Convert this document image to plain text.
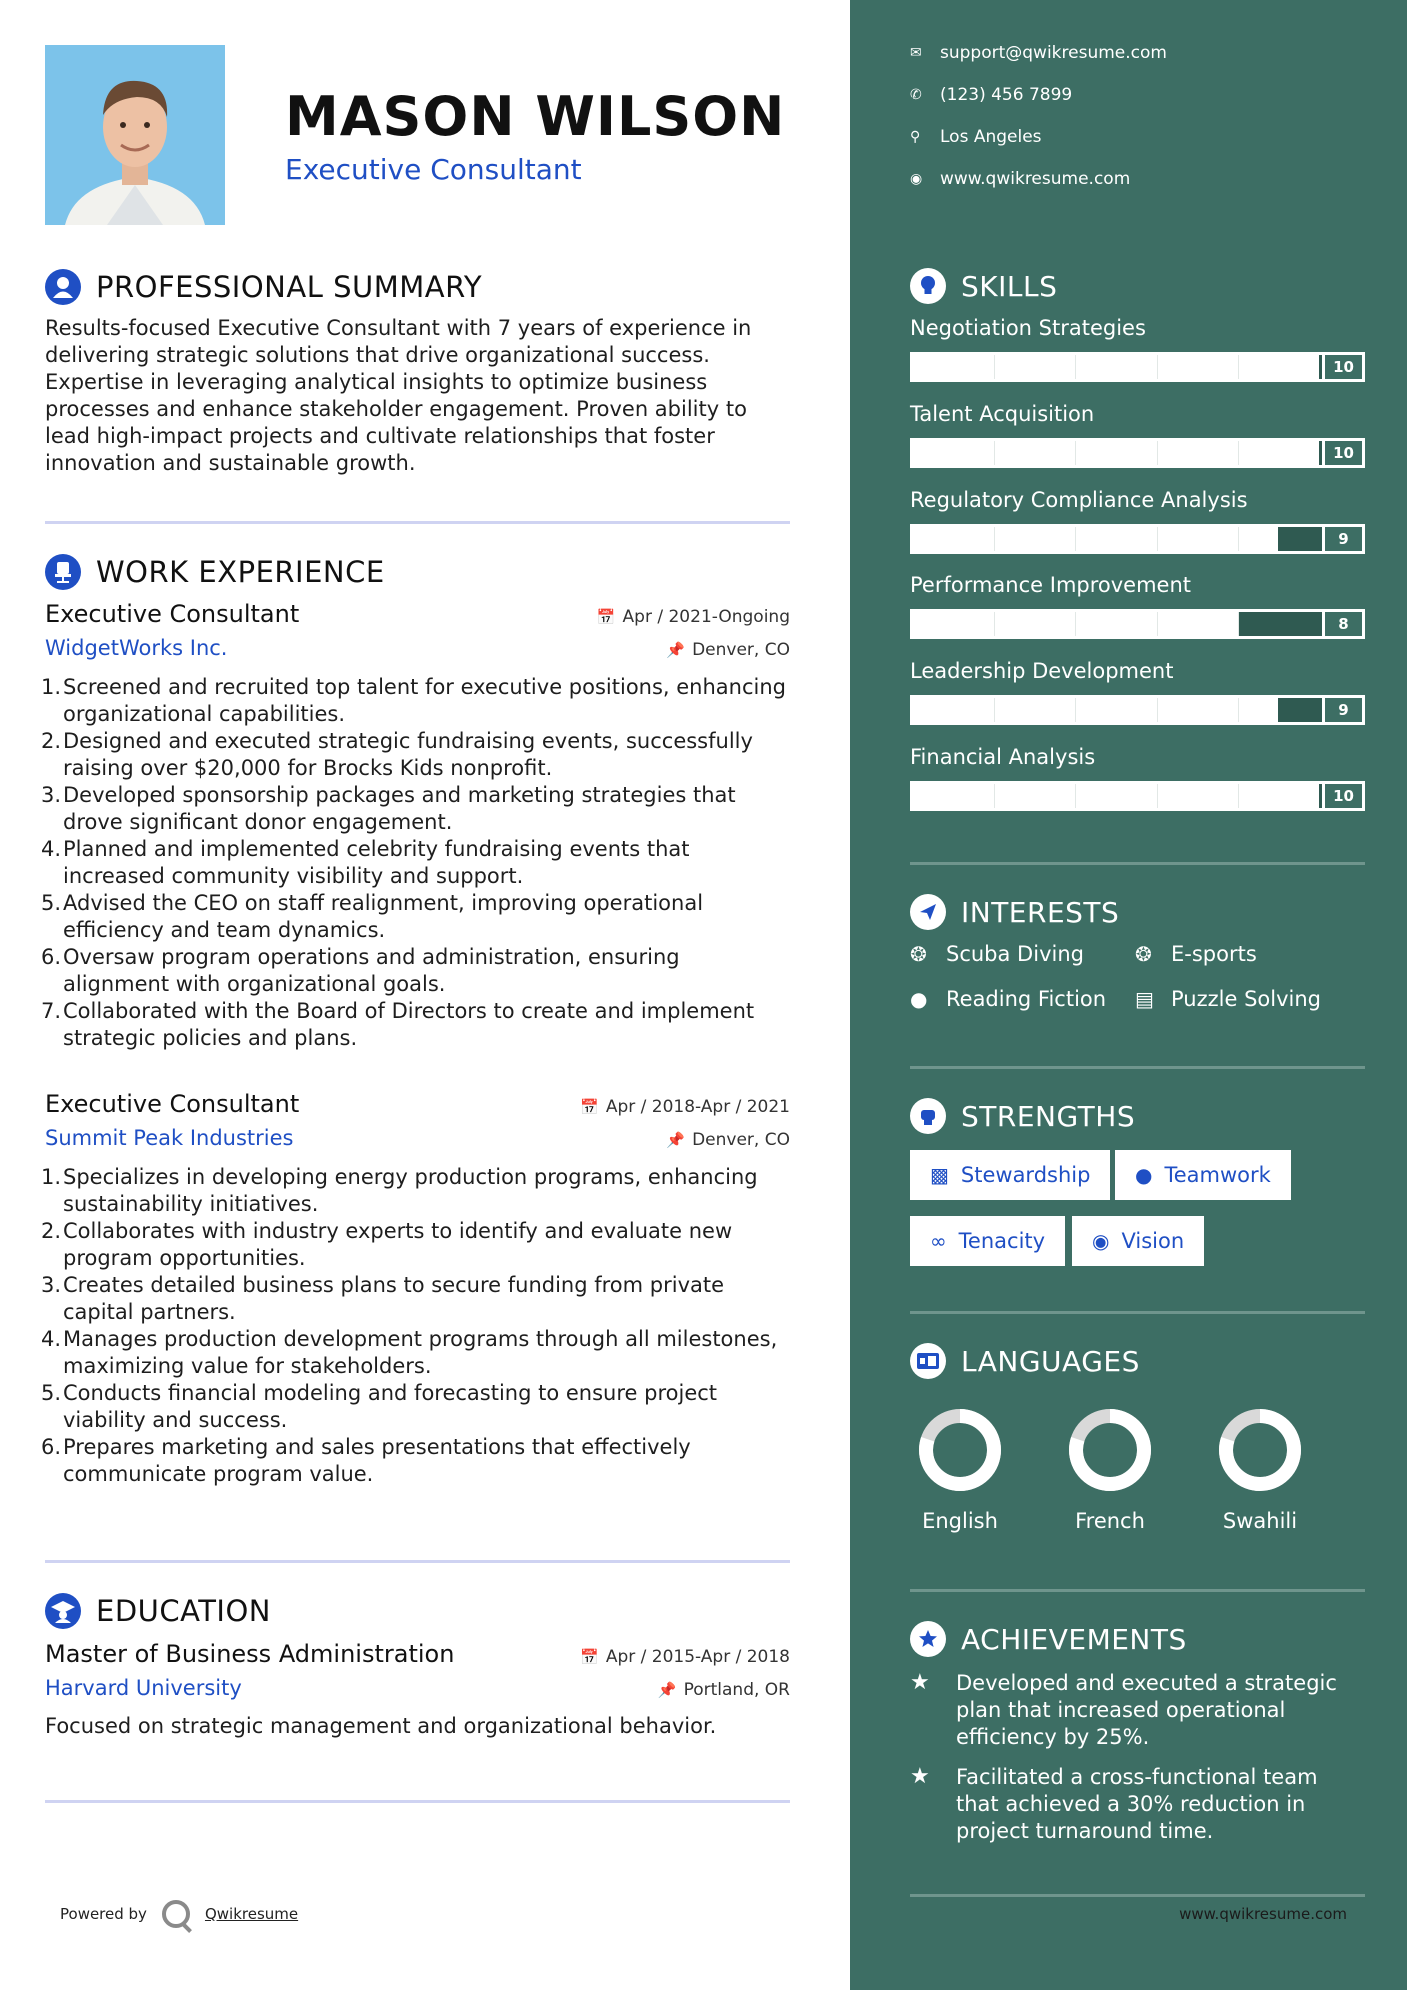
MASON WILSON
Executive Consultant
PROFESSIONAL SUMMARY
Results-focused Executive Consultant with 7 years of experience in delivering strategic solutions that drive organizational success. Expertise in leveraging analytical insights to optimize business processes and enhance stakeholder engagement. Proven ability to lead high-impact projects and cultivate relationships that foster innovation and sustainable growth.
WORK EXPERIENCE
Executive Consultant	📅 Apr / 2021-Ongoing
WidgetWorks Inc.	📌 Denver, CO
1. Screened and recruited top talent for executive positions, enhancing organizational capabilities.
2. Designed and executed strategic fundraising events, successfully raising over $20,000 for Brocks Kids nonprofit.
3. Developed sponsorship packages and marketing strategies that drove significant donor engagement.
4. Planned and implemented celebrity fundraising events that increased community visibility and support.
5. Advised the CEO on staff realignment, improving operational efficiency and team dynamics.
6. Oversaw program operations and administration, ensuring alignment with organizational goals.
7. Collaborated with the Board of Directors to create and implement strategic policies and plans.
Executive Consultant	📅 Apr / 2018-Apr / 2021
Summit Peak Industries	📌 Denver, CO
1. Specializes in developing energy production programs, enhancing sustainability initiatives.
2. Collaborates with industry experts to identify and evaluate new program opportunities.
3. Creates detailed business plans to secure funding from private capital partners.
4. Manages production development programs through all milestones, maximizing value for stakeholders.
5. Conducts financial modeling and forecasting to ensure project viability and success.
6. Prepares marketing and sales presentations that effectively communicate program value.
EDUCATION
Master of Business Administration	📅 Apr / 2015-Apr / 2018
Harvard University	📌 Portland, OR
Focused on strategic management and organizational behavior.
Powered by	Qwikresume
✉	support@qwikresume.com
✆	(123) 456 7899
⚲	Los Angeles
◉	www.qwikresume.com
SKILLS
Negotiation Strategies
10
Talent Acquisition
10
Regulatory Compliance Analysis
9
Performance Improvement
8
Leadership Development
9
Financial Analysis
10
INTERESTS
❂ Scuba Diving	❂ E-sports
● Reading Fiction ▤ Puzzle Solving
STRENGTHS
▩ Stewardship ● Teamwork
∞ Tenacity ◉ Vision
LANGUAGES
English	French	Swahili
ACHIEVEMENTS
★	Developed and executed a strategic plan that increased operational efficiency by 25%.
★	Facilitated a cross-functional team that achieved a 30% reduction in project turnaround time.
www.qwikresume.com
